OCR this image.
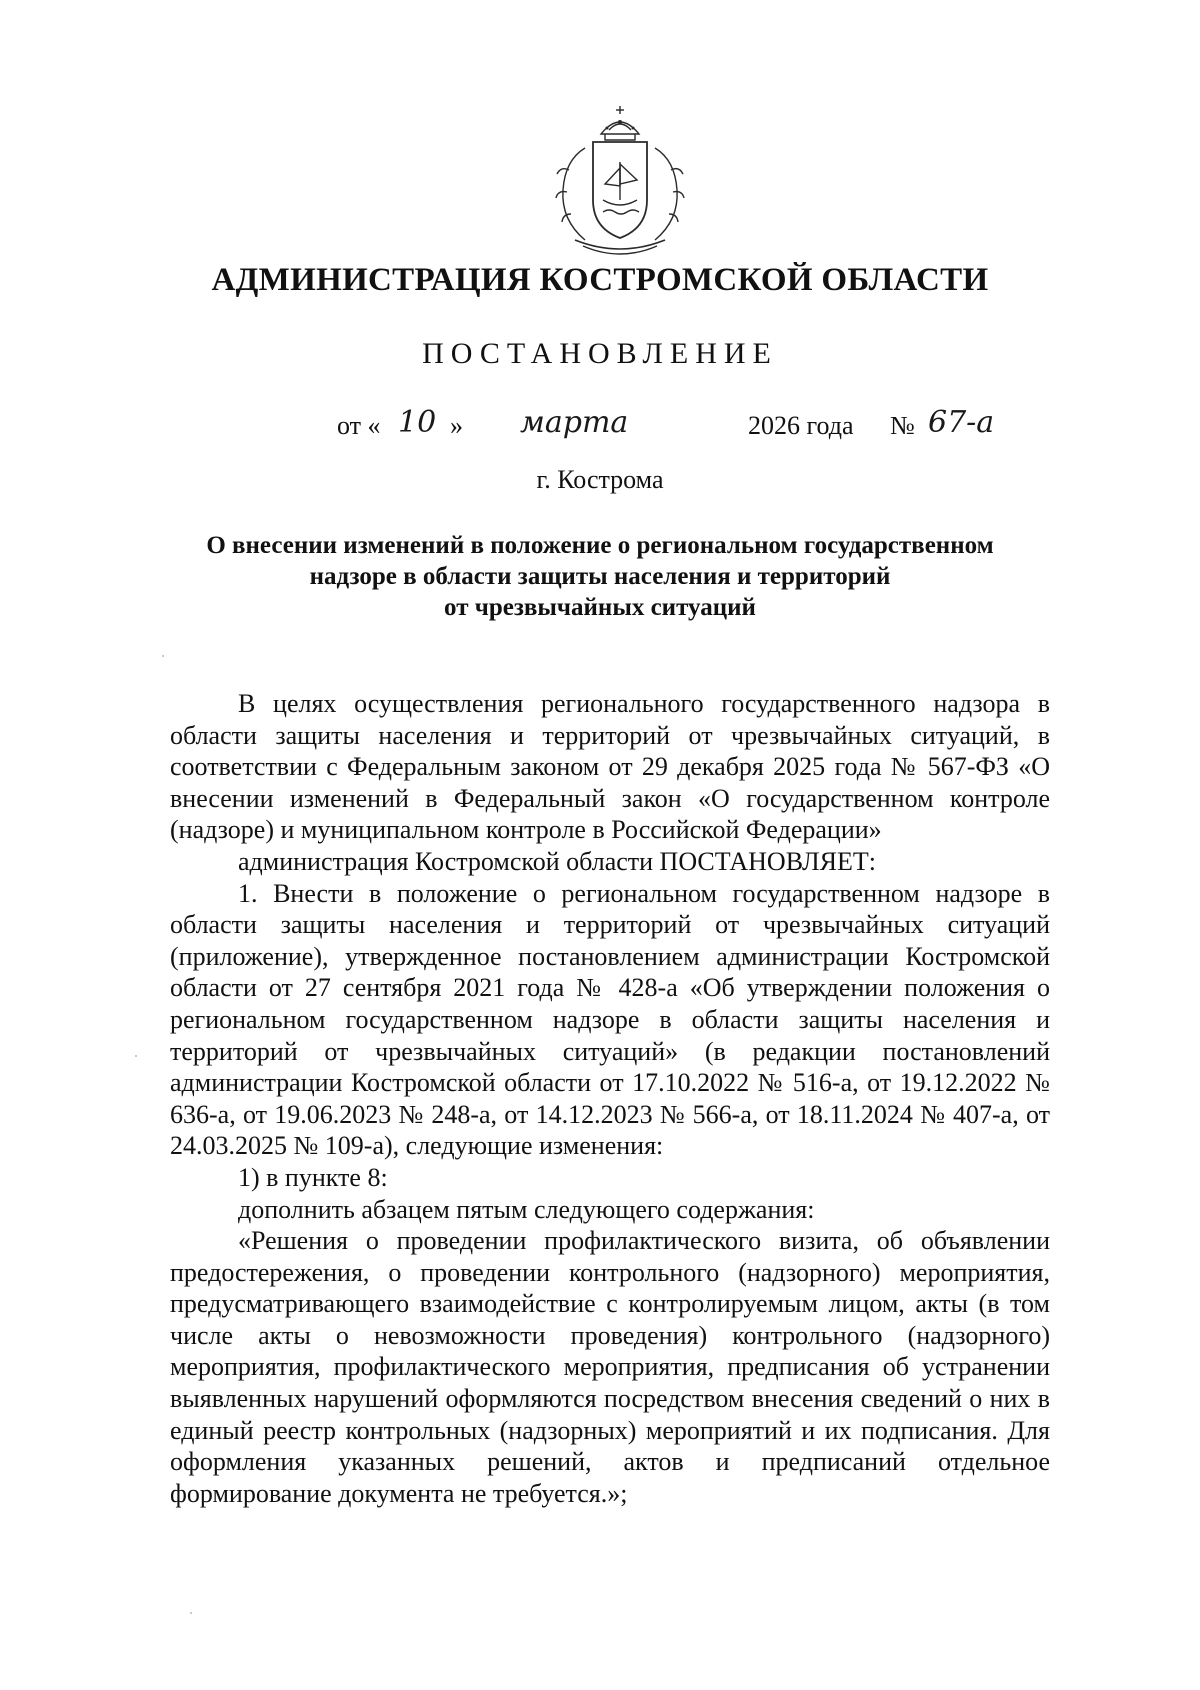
АДМИНИСТРАЦИЯ КОСТРОМСКОЙ ОБЛАСТИ
ПОСТАНОВЛЕНИЕ
от « 10 » марта	2026 года № 67-а
г. Кострома
О внесении изменений в положение о региональном государственном
надзоре в области защиты населения и территорий
от чрезвычайных ситуаций

В целях осуществления регионального государственного надзора в области защиты населения и территорий от чрезвычайных ситуаций, в соответствии с Федеральным законом от 29 декабря 2025 года № 567-ФЗ «О внесении изменений в Федеральный закон «О государственном контроле (надзоре) и муниципальном контроле в Российской Федерации»

администрация Костромской области ПОСТАНОВЛЯЕТ:

1. Внести в положение о региональном государственном надзоре в области защиты населения и территорий от чрезвычайных ситуаций (приложение), утвержденное постановлением администрации Костромской области от 27 сентября 2021 года № 428-а «Об утверждении положения о региональном государственном надзоре в области защиты населения и территорий от чрезвычайных ситуаций» (в редакции постановлений администрации Костромской области от 17.10.2022 № 516-а, от 19.12.2022 № 636-а, от 19.06.2023 № 248-а, от 14.12.2023 № 566-а, от 18.11.2024 № 407-а, от 24.03.2025 № 109-а), следующие изменения:

1) в пункте 8:

дополнить абзацем пятым следующего содержания:

«Решения о проведении профилактического визита, об объявлении предостережения, о проведении контрольного (надзорного) мероприятия, предусматривающего взаимодействие с контролируемым лицом, акты (в том числе акты о невозможности проведения) контрольного (надзорного) мероприятия, профилактического мероприятия, предписания об устранении выявленных нарушений оформляются посредством внесения сведений о них в единый реестр контрольных (надзорных) мероприятий и их подписания. Для оформления указанных решений, актов и предписаний отдельное формирование документа не требуется.»;
